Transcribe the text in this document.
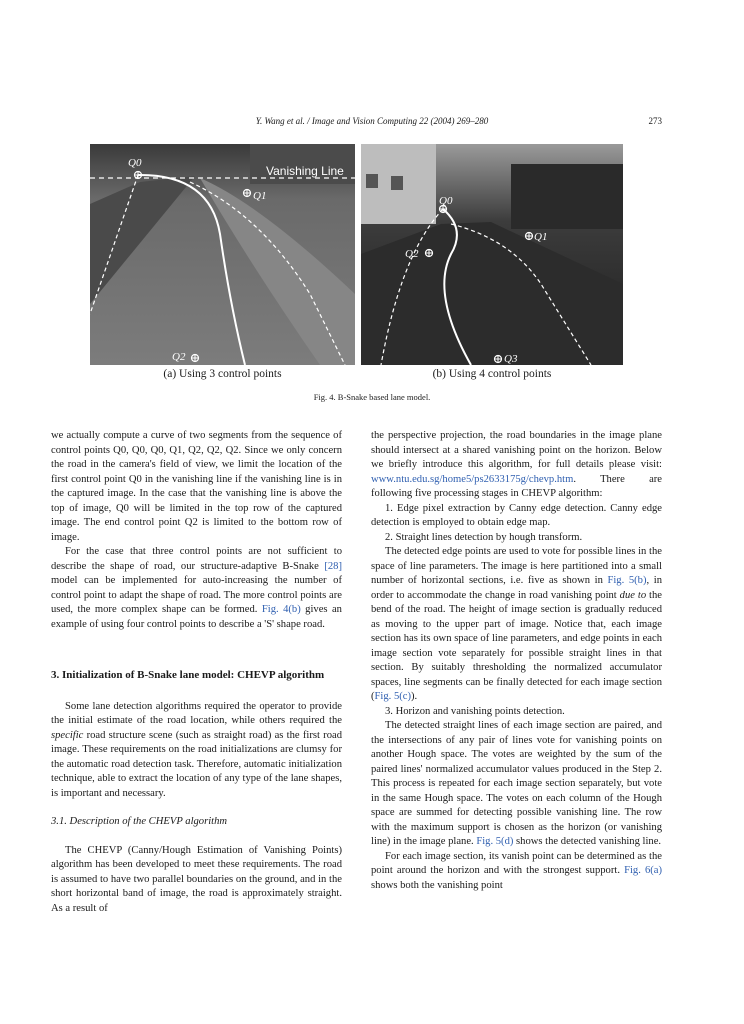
Y. Wang et al. / Image and Vision Computing 22 (2004) 269–280	273
Q0
Q1
Q2
Vanishing Line
(a) Using 3 control points
Q0
Q1
Q2
Q3
(b) Using 4 control points
Fig. 4. B-Snake based lane model.

we actually compute a curve of two segments from the sequence of control points Q0, Q0, Q0, Q1, Q2, Q2, Q2. Since we only concern the road in the camera's field of view, we limit the location of the first control point Q0 in the vanishing line if the vanishing line is in the captured image. In the case that the vanishing line is above the top of image, Q0 will be limited in the top row of the captured image. The end control point Q2 is limited to the bottom row of image.

For the case that three control points are not sufficient to describe the shape of road, our structure-adaptive B-Snake [28] model can be implemented for auto-increasing the number of control point to adapt the shape of road. The more control points are used, the more complex shape can be formed. Fig. 4(b) gives an example of using four control points to describe a 'S' shape road.

3. Initialization of B-Snake lane model: CHEVP algorithm

Some lane detection algorithms required the operator to provide the initial estimate of the road location, while others required the specific road structure scene (such as straight road) as the first road image. These requirements on the road initializations are clumsy for the automatic road detection task. Therefore, automatic initialization technique, able to extract the location of any type of the lane shapes, is important and necessary.

3.1. Description of the CHEVP algorithm

The CHEVP (Canny/Hough Estimation of Vanishing Points) algorithm has been developed to meet these requirements. The road is assumed to have two parallel boundaries on the ground, and in the short horizontal band of image, the road is approximately straight. As a result of

the perspective projection, the road boundaries in the image plane should intersect at a shared vanishing point on the horizon. Below we briefly introduce this algorithm, for full details please visit: www.ntu.edu.sg/home5/ps2633175g/chevp.htm. There are following five processing stages in CHEVP algorithm:

1. Edge pixel extraction by Canny edge detection. Canny edge detection is employed to obtain edge map.

2. Straight lines detection by hough transform.

The detected edge points are used to vote for possible lines in the space of line parameters. The image is here partitioned into a small number of horizontal sections, i.e. five as shown in Fig. 5(b), in order to accommodate the change in road vanishing point due to the bend of the road. The height of image section is gradually reduced as moving to the upper part of image. Notice that, each image section has its own space of line parameters, and edge points in each image section vote separately for possible straight lines in that section. By suitably thresholding the normalized accumulator spaces, line segments can be finally detected for each image section (Fig. 5(c)).

3. Horizon and vanishing points detection.

The detected straight lines of each image section are paired, and the intersections of any pair of lines vote for vanishing points on another Hough space. The votes are weighted by the sum of the paired lines' normalized accumulator values produced in the Step 2. This process is repeated for each image section separately, but vote in the same Hough space. The votes on each column of the Hough space are summed for detecting possible vanishing line. The row with the maximum support is chosen as the horizon (or vanishing line) in the image plane. Fig. 5(d) shows the detected vanishing line.

For each image section, its vanish point can be determined as the point around the horizon and with the strongest support. Fig. 6(a) shows both the vanishing point
